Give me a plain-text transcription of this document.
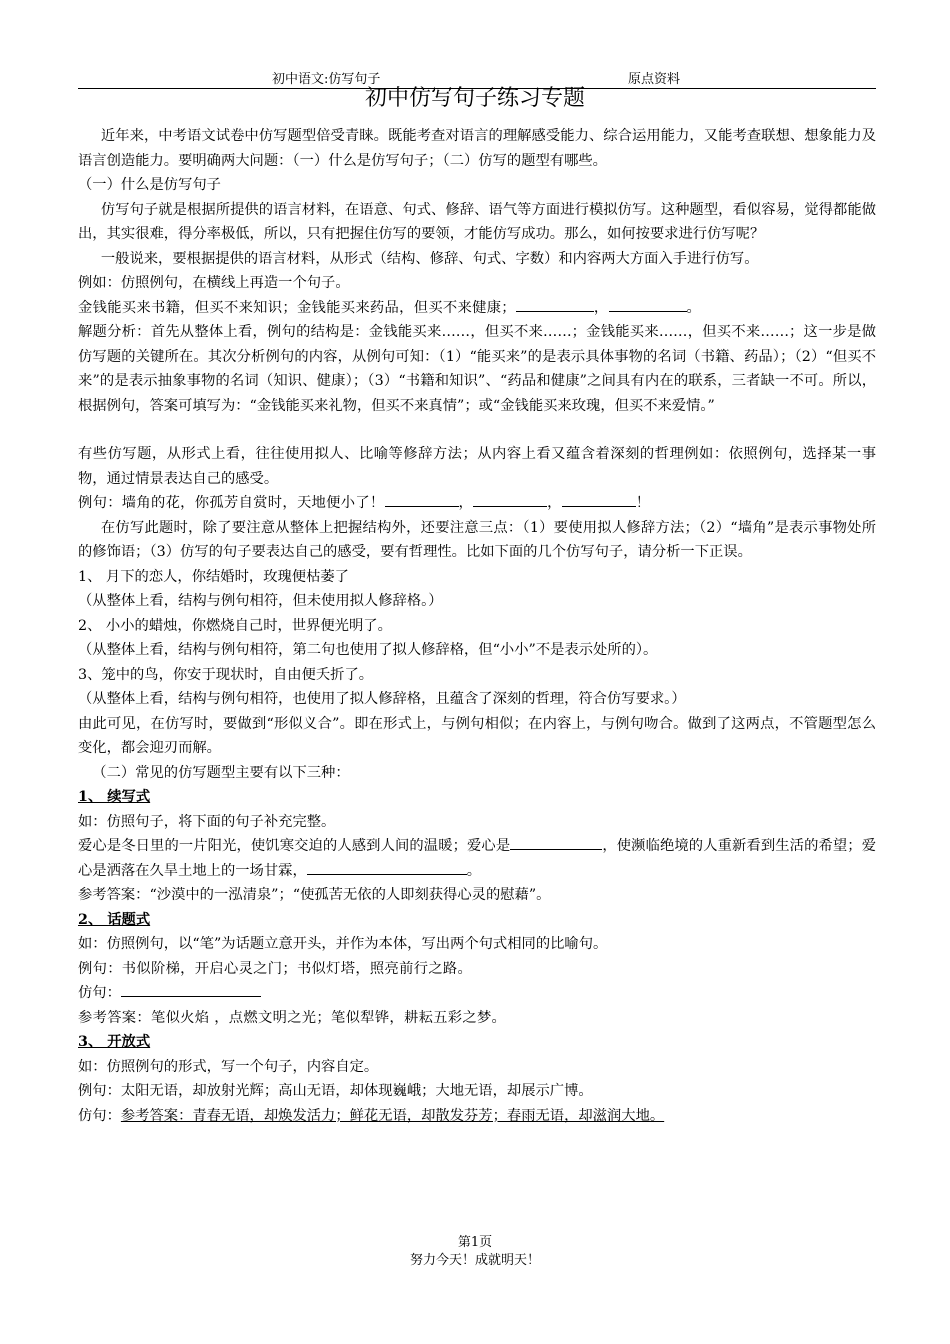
初中语文:仿写句子	原点资料
初中仿写句子练习专题

近年来，中考语文试卷中仿写题型倍受青睐。既能考查对语言的理解感受能力、综合运用能力，又能考查联想、想象能力及语言创造能力。要明确两大问题：（一）什么是仿写句子；（二）仿写的题型有哪些。

（一）什么是仿写句子

仿写句子就是根据所提供的语言材料，在语意、句式、修辞、语气等方面进行模拟仿写。这种题型，看似容易，觉得都能做出，其实很难，得分率极低，所以，只有把握住仿写的要领，才能仿写成功。那么，如何按要求进行仿写呢？

一般说来，要根据提供的语言材料，从形式（结构、修辞、句式、字数）和内容两大方面入手进行仿写。

例如：仿照例句，在横线上再造一个句子。

金钱能买来书籍，但买不来知识；金钱能买来药品，但买不来健康；	，	。

解题分析：首先从整体上看，例句的结构是：金钱能买来……，但买不来……；金钱能买来……，但买不来……；这一步是做仿写题的关键所在。其次分析例句的内容，从例句可知：（1）“能买来”的是表示具体事物的名词（书籍、药品）；（2）“但买不来”的是表示抽象事物的名词（知识、健康）；（3）“书籍和知识”、“药品和健康”之间具有内在的联系，三者缺一不可。所以，根据例句，答案可填写为：“金钱能买来礼物，但买不来真情”；或“金钱能买来玫瑰，但买不来爱情。”

有些仿写题，从形式上看，往往使用拟人、比喻等修辞方法；从内容上看又蕴含着深刻的哲理例如：依照例句，选择某一事物，通过情景表达自己的感受。

例句：墙角的花，你孤芳自赏时，天地便小了！	，	，	！

在仿写此题时，除了要注意从整体上把握结构外，还要注意三点：（1）要使用拟人修辞方法；（2）“墙角”是表示事物处所的修饰语；（3）仿写的句子要表达自己的感受，要有哲理性。比如下面的几个仿写句子，请分析一下正误。

1、 月下的恋人，你结婚时，玫瑰便枯萎了

（从整体上看，结构与例句相符，但未使用拟人修辞格。）

2、 小小的蜡烛，你燃烧自己时，世界便光明了。

（从整体上看，结构与例句相符，第二句也使用了拟人修辞格，但“小小”不是表示处所的）。

3、笼中的鸟，你安于现状时，自由便夭折了。

（从整体上看，结构与例句相符，也使用了拟人修辞格，且蕴含了深刻的哲理，符合仿写要求。）

由此可见，在仿写时，要做到“形似义合”。即在形式上，与例句相似；在内容上，与例句吻合。做到了这两点，不管题型怎么变化，都会迎刃而解。

（二）常见的仿写题型主要有以下三种：

1、 续写式

如：仿照句子，将下面的句子补充完整。

爱心是冬日里的一片阳光，使饥寒交迫的人感到人间的温暖；爱心是	，使濒临绝境的人重新看到生活的希望；爱心是洒落在久旱土地上的一场甘霖，	。

参考答案：“沙漠中的一泓清泉”；“使孤苦无依的人即刻获得心灵的慰藉”。

2、 话题式

如：仿照例句，以“笔”为话题立意开头，并作为本体，写出两个句式相同的比喻句。

例句：书似阶梯，开启心灵之门；书似灯塔，照亮前行之路。

仿句：

参考答案：笔似火焰 ，点燃文明之光；笔似犁铧，耕耘五彩之梦。

3、 开放式

如：仿照例句的形式，写一个句子，内容自定。

例句：太阳无语，却放射光辉；高山无语，却体现巍峨；大地无语，却展示广博。

仿句：参考答案：青春无语，却焕发活力；鲜花无语，却散发芬芳；春雨无语，却滋润大地。

第1页
努力今天！成就明天！
